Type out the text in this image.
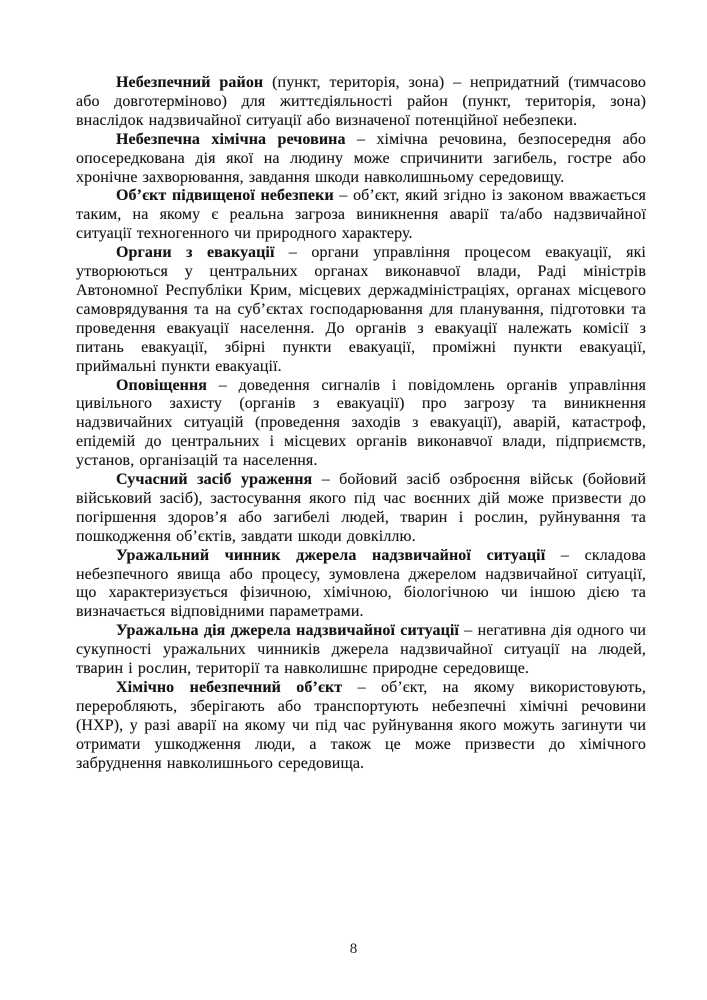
Небезпечний район (пункт, територія, зона) – непридатний (тимчасово або довготерміново) для життєдіяльності район (пункт, територія, зона) внаслідок надзвичайної ситуації або визначеної потенційної небезпеки.

Небезпечна хімічна речовина – хімічна речовина, безпосередня або опосередкована дія якої на людину може спричинити загибель, гостре або хронічне захворювання, завдання шкоди навколишньому середовищу.

Об’єкт підвищеної небезпеки – об’єкт, який згідно із законом вважається таким, на якому є реальна загроза виникнення аварії та/або надзвичайної ситуації техногенного чи природного характеру.

Органи з евакуації – органи управління процесом евакуації, які утворюються у центральних органах виконавчої влади, Раді міністрів Автономної Республіки Крим, місцевих держадміністраціях, органах місцевого самоврядування та на суб’єктах господарювання для планування, підготовки та проведення евакуації населення. До органів з евакуації належать комісії з питань евакуації, збірні пункти евакуації, проміжні пункти евакуації, приймальні пункти евакуації.

Оповіщення – доведення сигналів і повідомлень органів управління цивільного захисту (органів з евакуації) про загрозу та виникнення надзвичайних ситуацій (проведення заходів з евакуації), аварій, катастроф, епідемій до центральних і місцевих органів виконавчої влади, підприємств, установ, організацій та населення.

Сучасний засіб ураження – бойовий засіб озброєння військ (бойовий військовий засіб), застосування якого під час воєнних дій може призвести до погіршення здоров’я або загибелі людей, тварин і рослин, руйнування та пошкодження об’єктів, завдати шкоди довкіллю.

Уражальний чинник джерела надзвичайної ситуації – складова небезпечного явища або процесу, зумовлена джерелом надзвичайної ситуації, що характеризується фізичною, хімічною, біологічною чи іншою дією та визначається відповідними параметрами.

Уражальна дія джерела надзвичайної ситуації – негативна дія одного чи сукупності уражальних чинників джерела надзвичайної ситуації на людей, тварин і рослин, території та навколишнє природне середовище.

Хімічно небезпечний об’єкт – об’єкт, на якому використовують, переробляють, зберігають або транспортують небезпечні хімічні речовини (НХР), у разі аварії на якому чи під час руйнування якого можуть загинути чи отримати ушкодження люди, а також це може призвести до хімічного забруднення навколишнього середовища.

8
